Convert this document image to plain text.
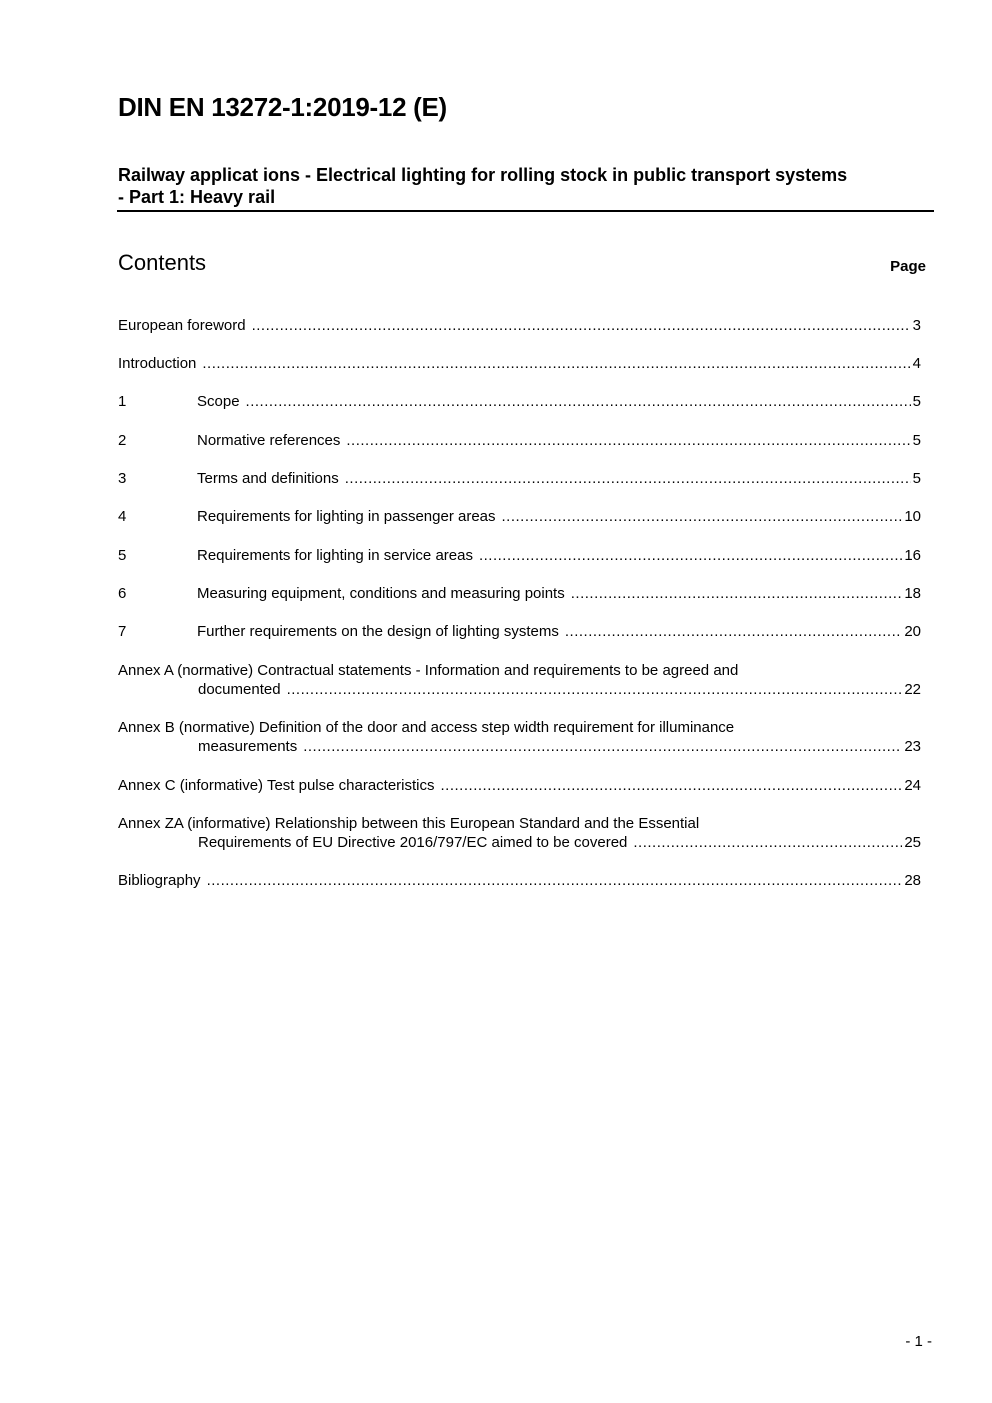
DIN EN 13272-1:2019-12 (E)
Railway applicat ions - Electrical lighting for rolling stock in public transport systems
- Part 1: Heavy rail
Contents	Page
European foreword .....	3
Introduction .....	4
1	Scope .....	5
2	Normative references .....	5
3	Terms and definitions .....	5
4	Requirements for lighting in passenger areas .....	10
5	Requirements for lighting in service areas .....	16
6	Measuring equipment, conditions and measuring points .....	18
7	Further requirements on the design of lighting systems .....	20
Annex A (normative) Contractual statements - Information and requirements to be agreed and
documented .....	22
Annex B (normative) Definition of the door and access step width requirement for illuminance
measurements .....	23
Annex C (informative) Test pulse characteristics .....	24
Annex ZA (informative) Relationship between this European Standard and the Essential
Requirements of EU Directive 2016/797/EC aimed to be covered .....	25
Bibliography .....	28
- 1 -
